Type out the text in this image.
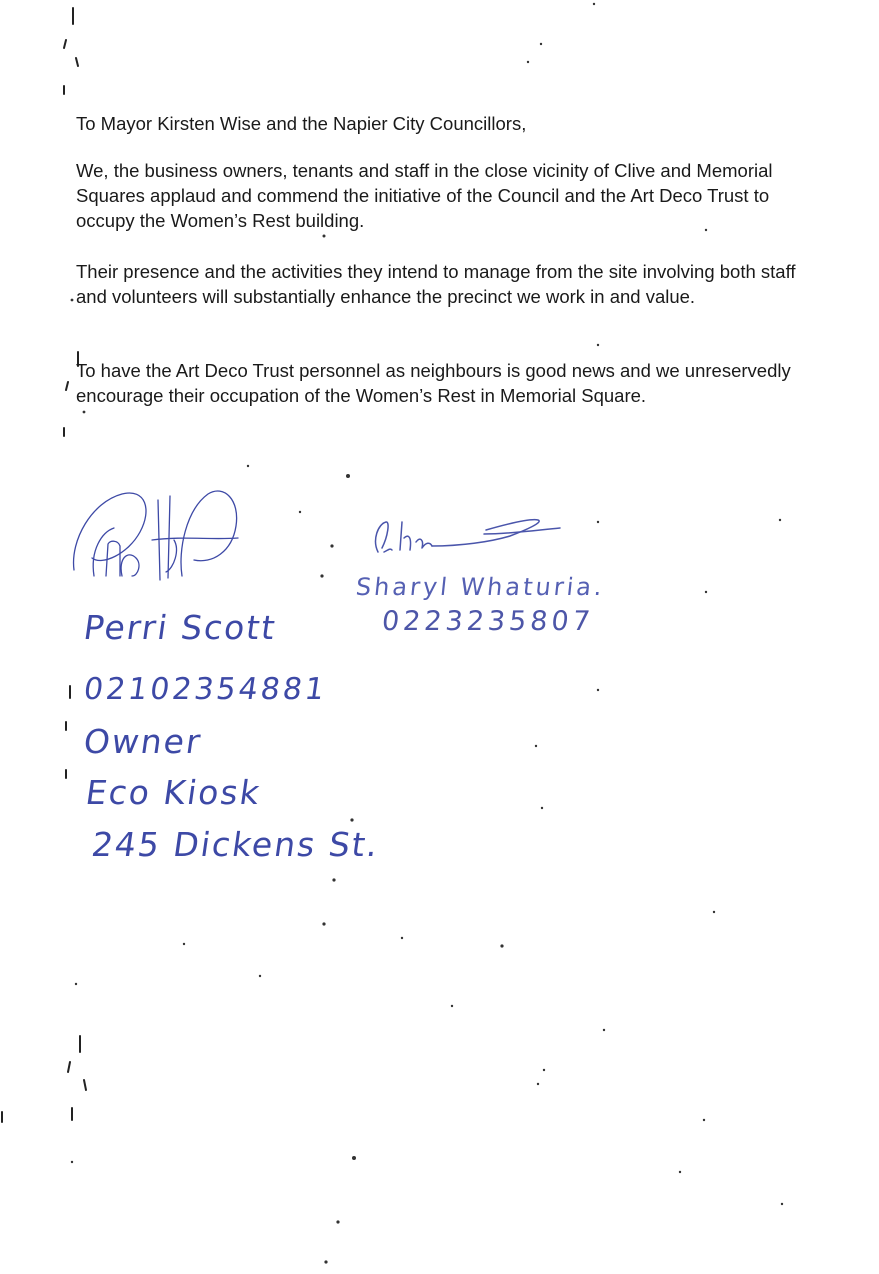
To Mayor Kirsten Wise and the Napier City Councillors,

We, the business owners, tenants and staff in the close vicinity of Clive and Memorial Squares applaud and commend the initiative of the Council and the Art Deco Trust to occupy the Women’s Rest building.

Their presence and the activities they intend to manage from the site involving both staff and volunteers will substantially enhance the precinct we work in and value.

To have the Art Deco Trust personnel as neighbours is good news and we unreservedly encourage their occupation of the Women’s Rest in Memorial Square.

Sharyl Whaturia.
0223235807
Perri Scott
02102354881
Owner
Eco Kiosk
245 Dickens St.
